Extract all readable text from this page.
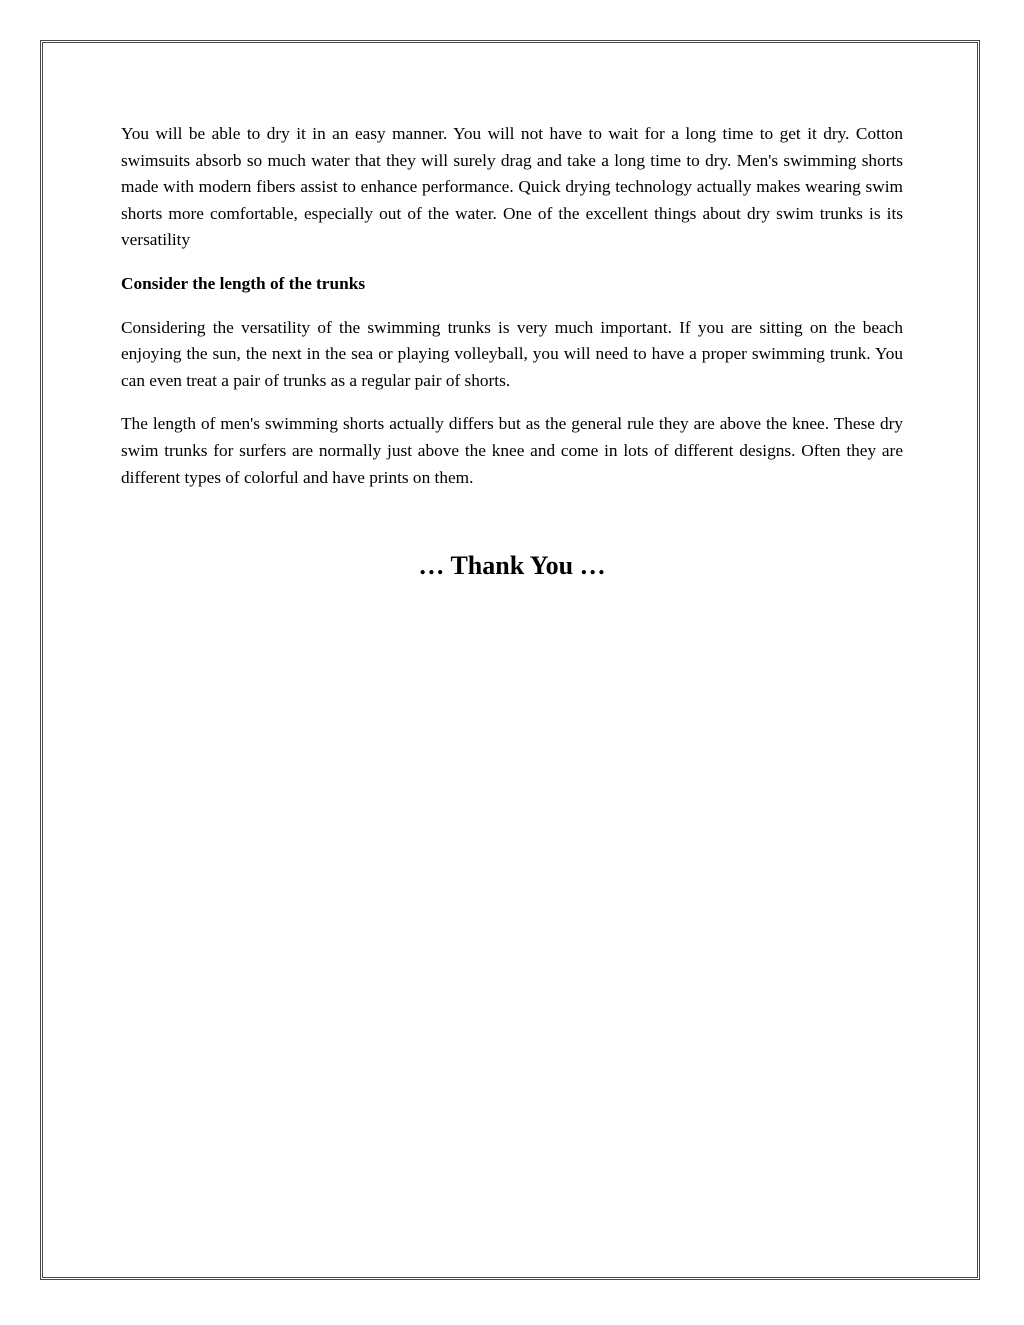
You will be able to dry it in an easy manner. You will not have to wait for a long time to get it dry. Cotton swimsuits absorb so much water that they will surely drag and take a long time to dry. Men's swimming shorts made with modern fibers assist to enhance performance. Quick drying technology actually makes wearing swim shorts more comfortable, especially out of the water. One of the excellent things about dry swim trunks is its versatility

Consider the length of the trunks

Considering the versatility of the swimming trunks is very much important. If you are sitting on the beach enjoying the sun, the next in the sea or playing volleyball, you will need to have a proper swimming trunk. You can even treat a pair of trunks as a regular pair of shorts.

The length of men's swimming shorts actually differs but as the general rule they are above the knee. These dry swim trunks for surfers are normally just above the knee and come in lots of different designs. Often they are different types of colorful and have prints on them.

… Thank You …
